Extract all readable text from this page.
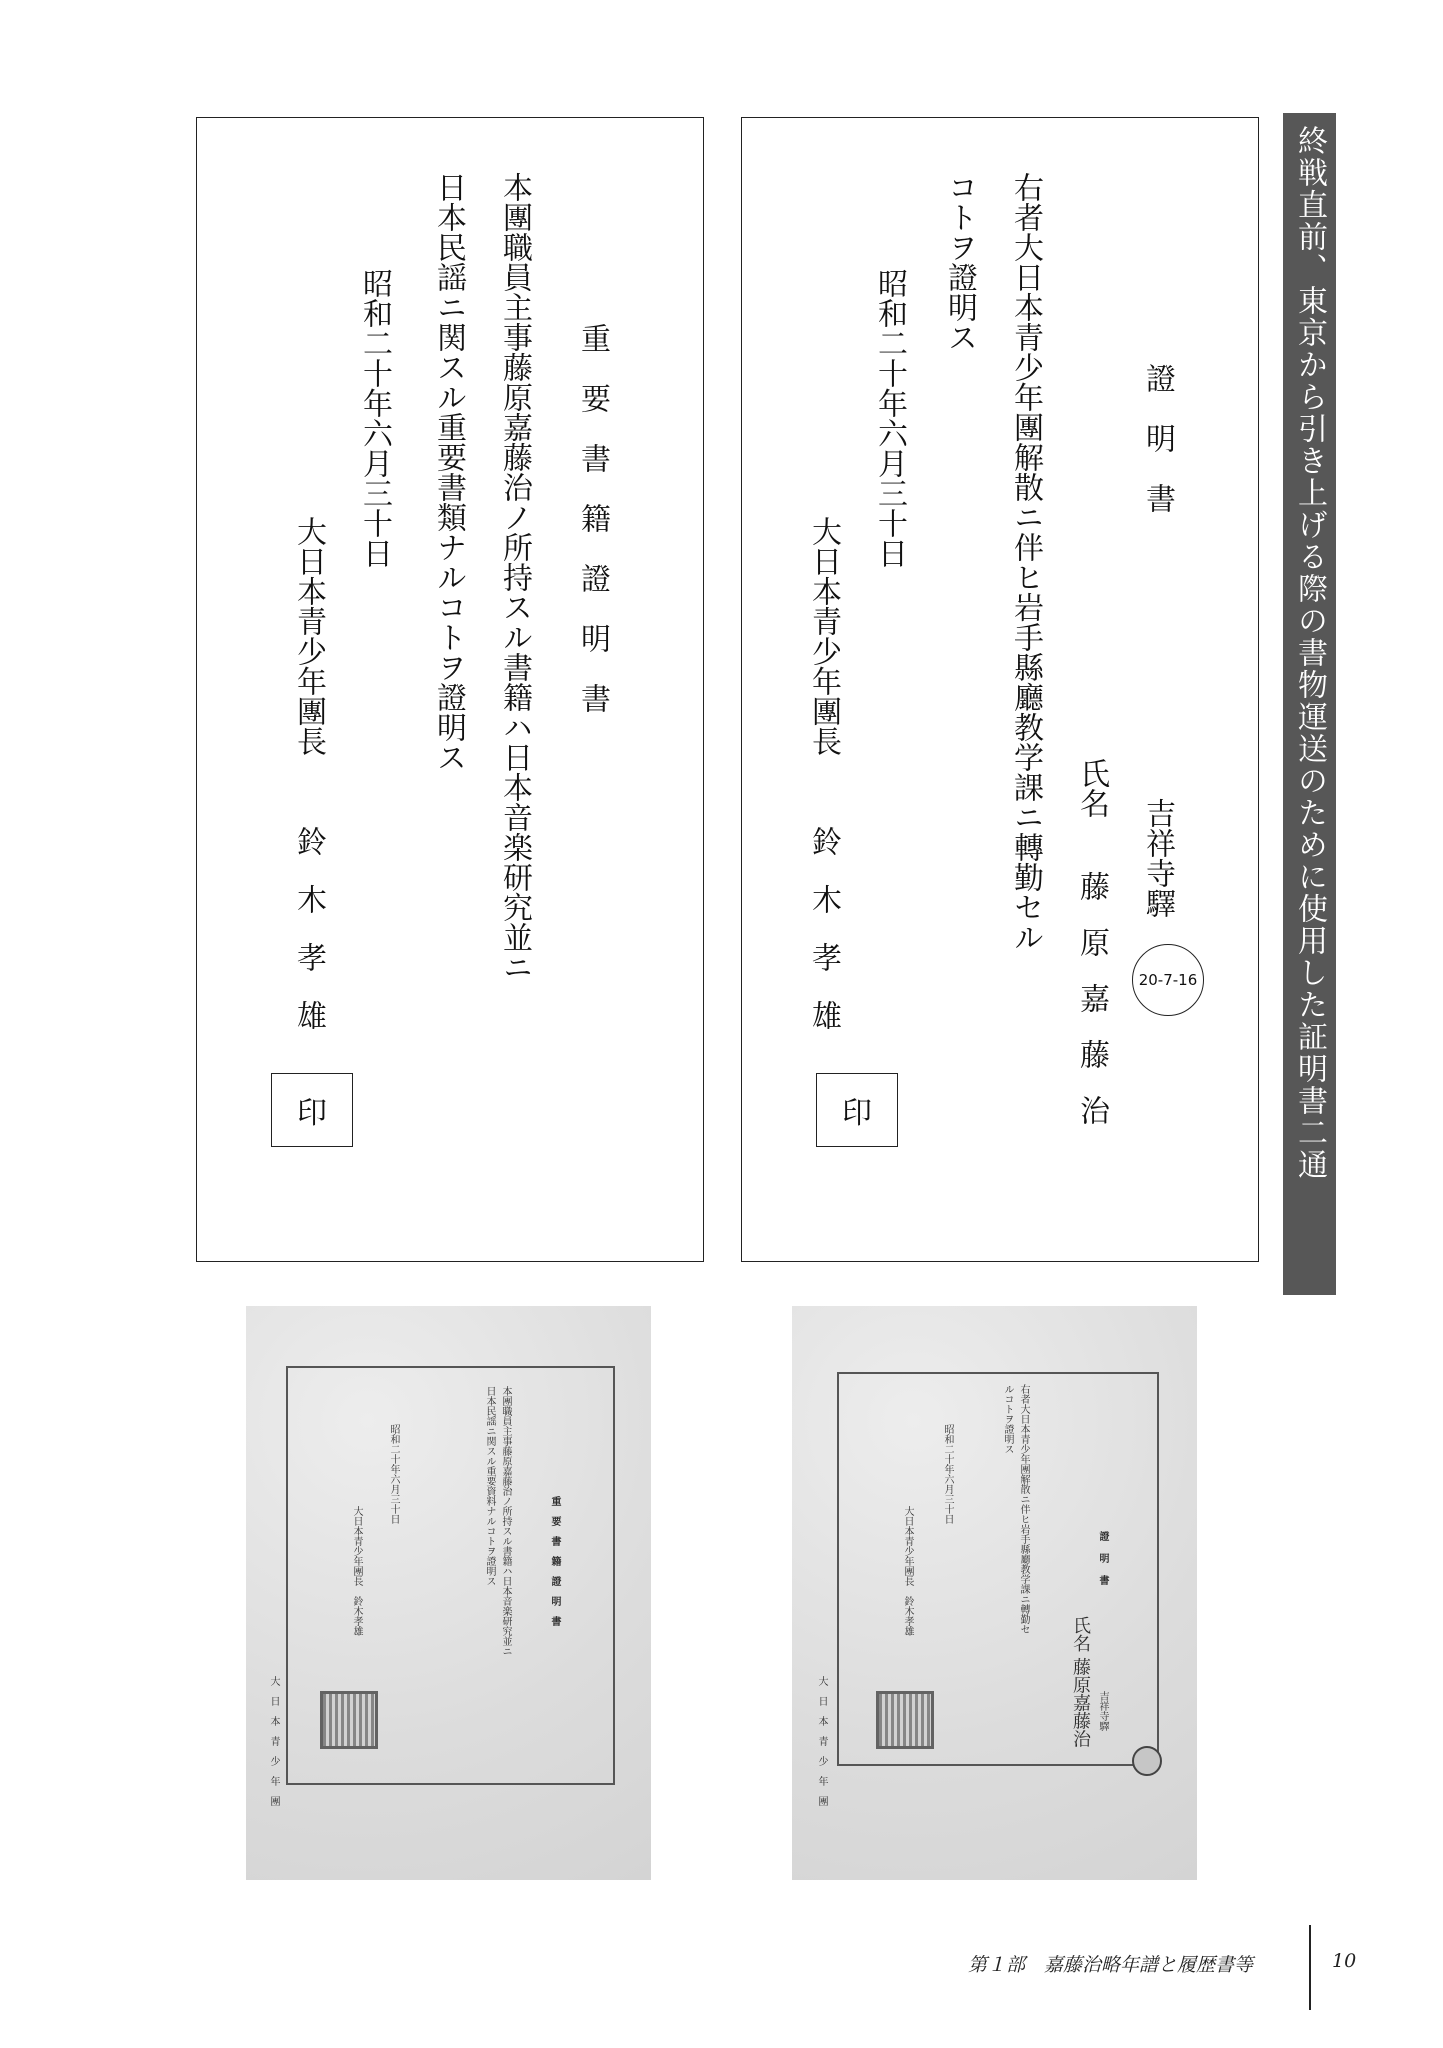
終戦直前、東京から引き上げる際の書物運送のために使用した証明書二通
證明書
吉祥寺驛
20-7-16
氏名
藤原嘉藤治
右者大日本青少年團解散ニ伴ヒ岩手縣廳教学課ニ轉勤セル
コトヲ證明ス
昭和二十年六月三十日
大日本青少年團長
鈴木孝雄
印
重要書籍證明書
本團職員主事藤原嘉藤治ノ所持スル書籍ハ日本音楽研究並ニ
日本民謡ニ関スル重要書類ナルコトヲ證明ス
昭和二十年六月三十日
大日本青少年團長
鈴木孝雄
印
重要書籍證明書
本團職員主事藤原嘉藤治ノ所持スル書籍ハ日本音楽研究並ニ
日本民謡ニ関スル重要資料ナルコトヲ證明ス
昭和二十年六月三十日
大日本青少年團長　鈴木孝雄
大日本青少年團
證明書
吉祥寺驛
氏名 藤原嘉藤治
右者大日本青少年團解散ニ伴ヒ岩手縣廳教学課ニ轉勤セ
ルコトヲ證明ス
昭和二十年六月三十日
大日本青少年團長　鈴木孝雄
大日本青少年團
第１部　嘉藤治略年譜と履歴書等	10
